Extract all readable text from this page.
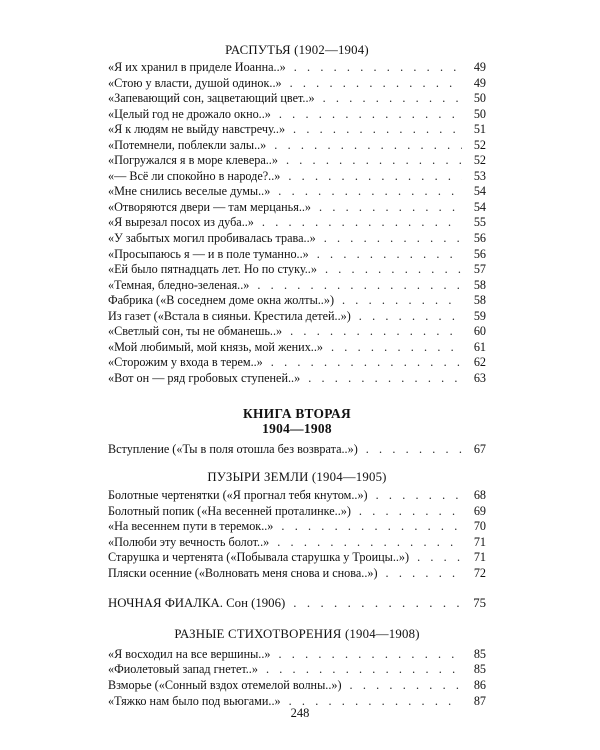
РАСПУТЬЯ (1902—1904)
«Я их хранил в приделе Иоанна..» . . .	49
«Стою у власти, душой одинок..» . . .	49
«Запевающий сон, зацветающий цвет..» . . .	50
«Целый год не дрожало окно..» . . .	50
«Я к людям не выйду навстречу..» . . .	51
«Потемнели, поблекли залы..» . . .	52
«Погружался я в море клевера..» . . .	52
«— Всё ли спокойно в народе?..» . . .	53
«Мне снились веселые думы..» . . .	54
«Отворяются двери — там мерцанья..» . . .	54
«Я вырезал посох из дуба..» . . .	55
«У забытых могил пробивалась трава..» . . .	56
«Просыпаюсь я — и в поле туманно..» . . .	56
«Ей было пятнадцать лет. Но по стуку..» . . .	57
«Темная, бледно-зеленая..» . . .	58
Фабрика («В соседнем доме окна жолты..») . . .	58
Из газет («Встала в сияньи. Крестила детей..») . . .	59
«Светлый сон, ты не обманешь..» . . .	60
«Мой любимый, мой князь, мой жених..» . . .	61
«Сторожим у входа в терем..» . . .	62
«Вот он — ряд гробовых ступеней..» . . .	63
КНИГА ВТОРАЯ
1904—1908
Вступление («Ты в поля отошла без возврата..») . . .	67
ПУЗЫРИ ЗЕМЛИ (1904—1905)
Болотные чертенятки («Я прогнал тебя кнутом..») . . .	68
Болотный попик («На весенней проталинке..») . . .	69
«На весеннем пути в теремок..» . . .	70
«Полюби эту вечность болот..» . . .	71
Старушка и чертенята («Побывала старушка у Троицы..») . . .	71
Пляски осенние («Волновать меня снова и снова..») . . .	72
НОЧНАЯ ФИАЛКА. Сон (1906) . . .	75
РАЗНЫЕ СТИХОТВОРЕНИЯ (1904—1908)
«Я восходил на все вершины..» . . .	85
«Фиолетовый запад гнетет..» . . .	85
Взморье («Сонный вздох отемелой волны..») . . .	86
«Тяжко нам было под вьюгами..» . . .	87
248
